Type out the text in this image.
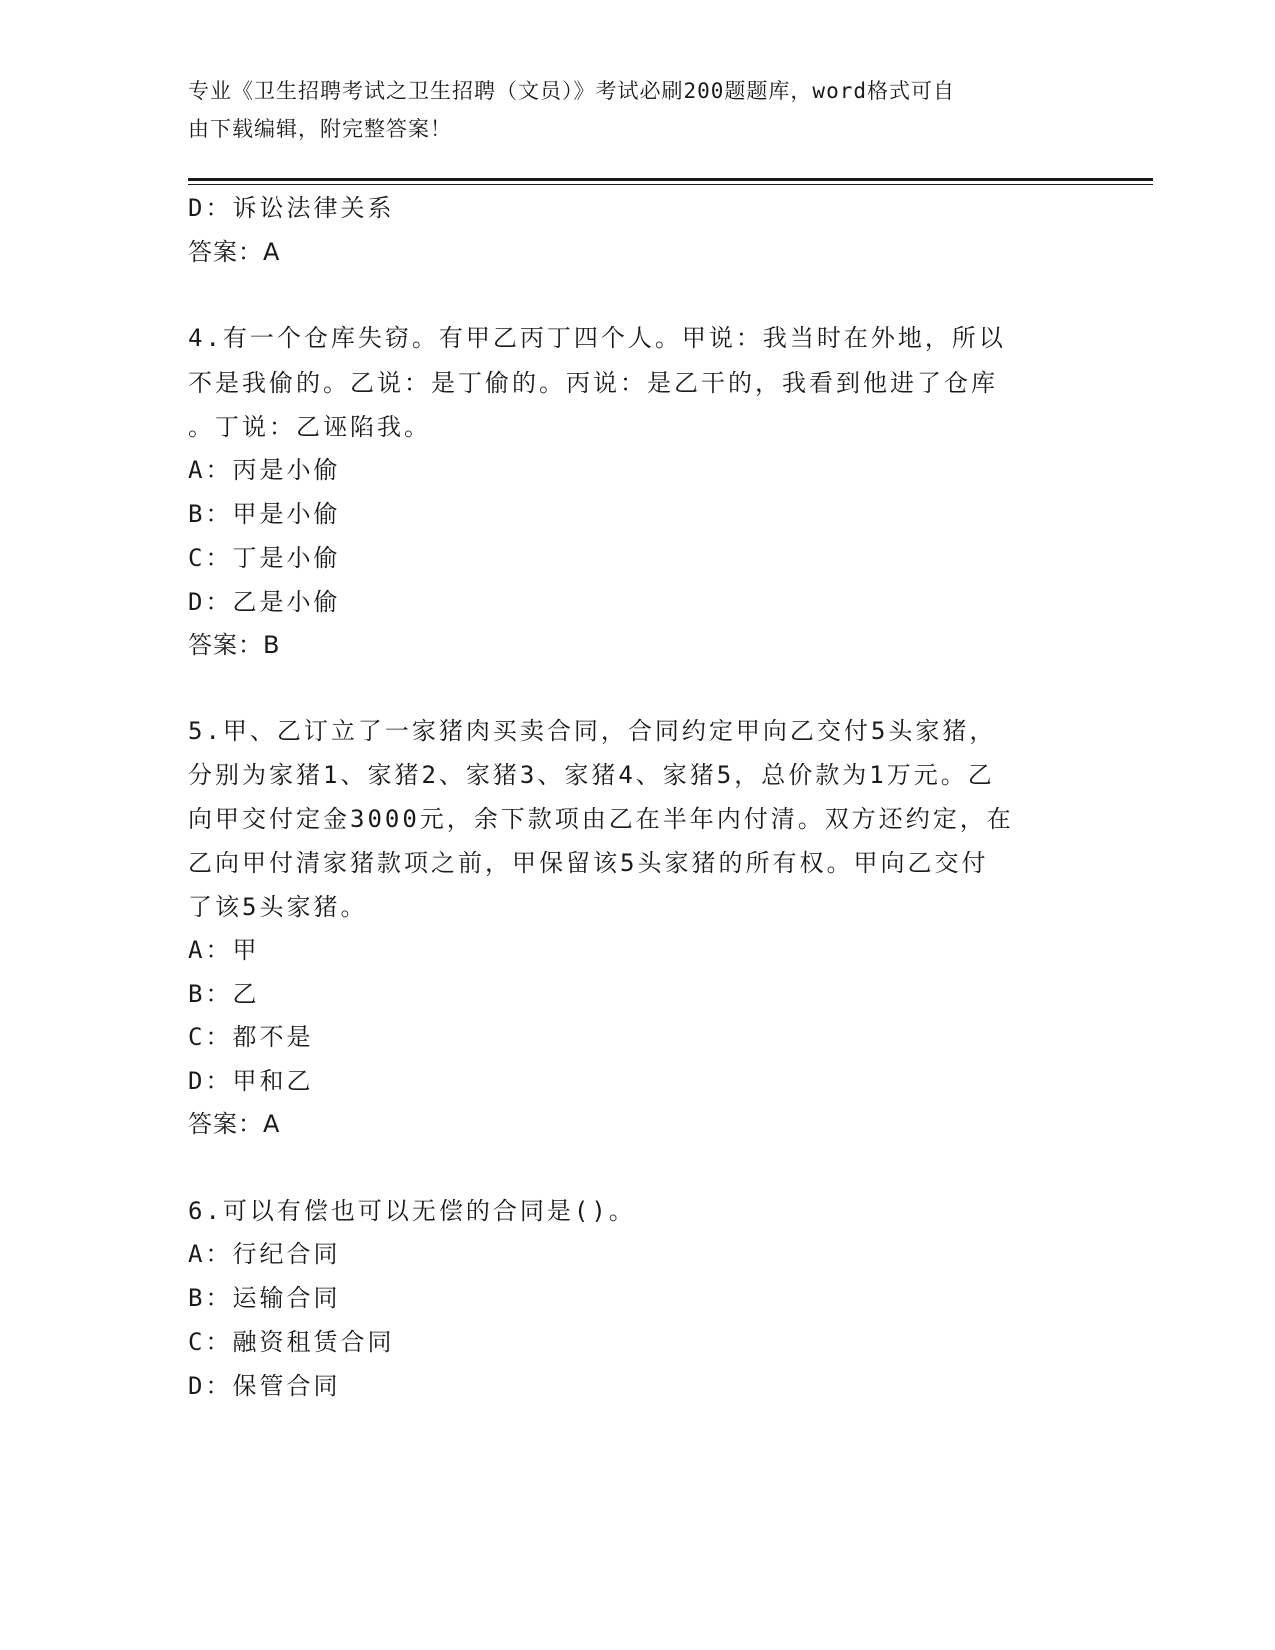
专业《卫生招聘考试之卫生招聘（文员）》考试必刷200题题库，word格式可自
由下载编辑，附完整答案！
D：诉讼法律关系
答案：A
4.有一个仓库失窃。有甲乙丙丁四个人。甲说：我当时在外地，所以
不是我偷的。乙说：是丁偷的。丙说：是乙干的，我看到他进了仓库
。丁说：乙诬陷我。
A：丙是小偷
B：甲是小偷
C：丁是小偷
D：乙是小偷
答案：B
5.甲、乙订立了一家猪肉买卖合同，合同约定甲向乙交付5头家猪，
分别为家猪1、家猪2、家猪3、家猪4、家猪5，总价款为1万元。乙
向甲交付定金3000元，余下款项由乙在半年内付清。双方还约定，在
乙向甲付清家猪款项之前，甲保留该5头家猪的所有权。甲向乙交付
了该5头家猪。
A：甲
B：乙
C：都不是
D：甲和乙
答案：A
6.可以有偿也可以无偿的合同是()。
A：行纪合同
B：运输合同
C：融资租赁合同
D：保管合同
